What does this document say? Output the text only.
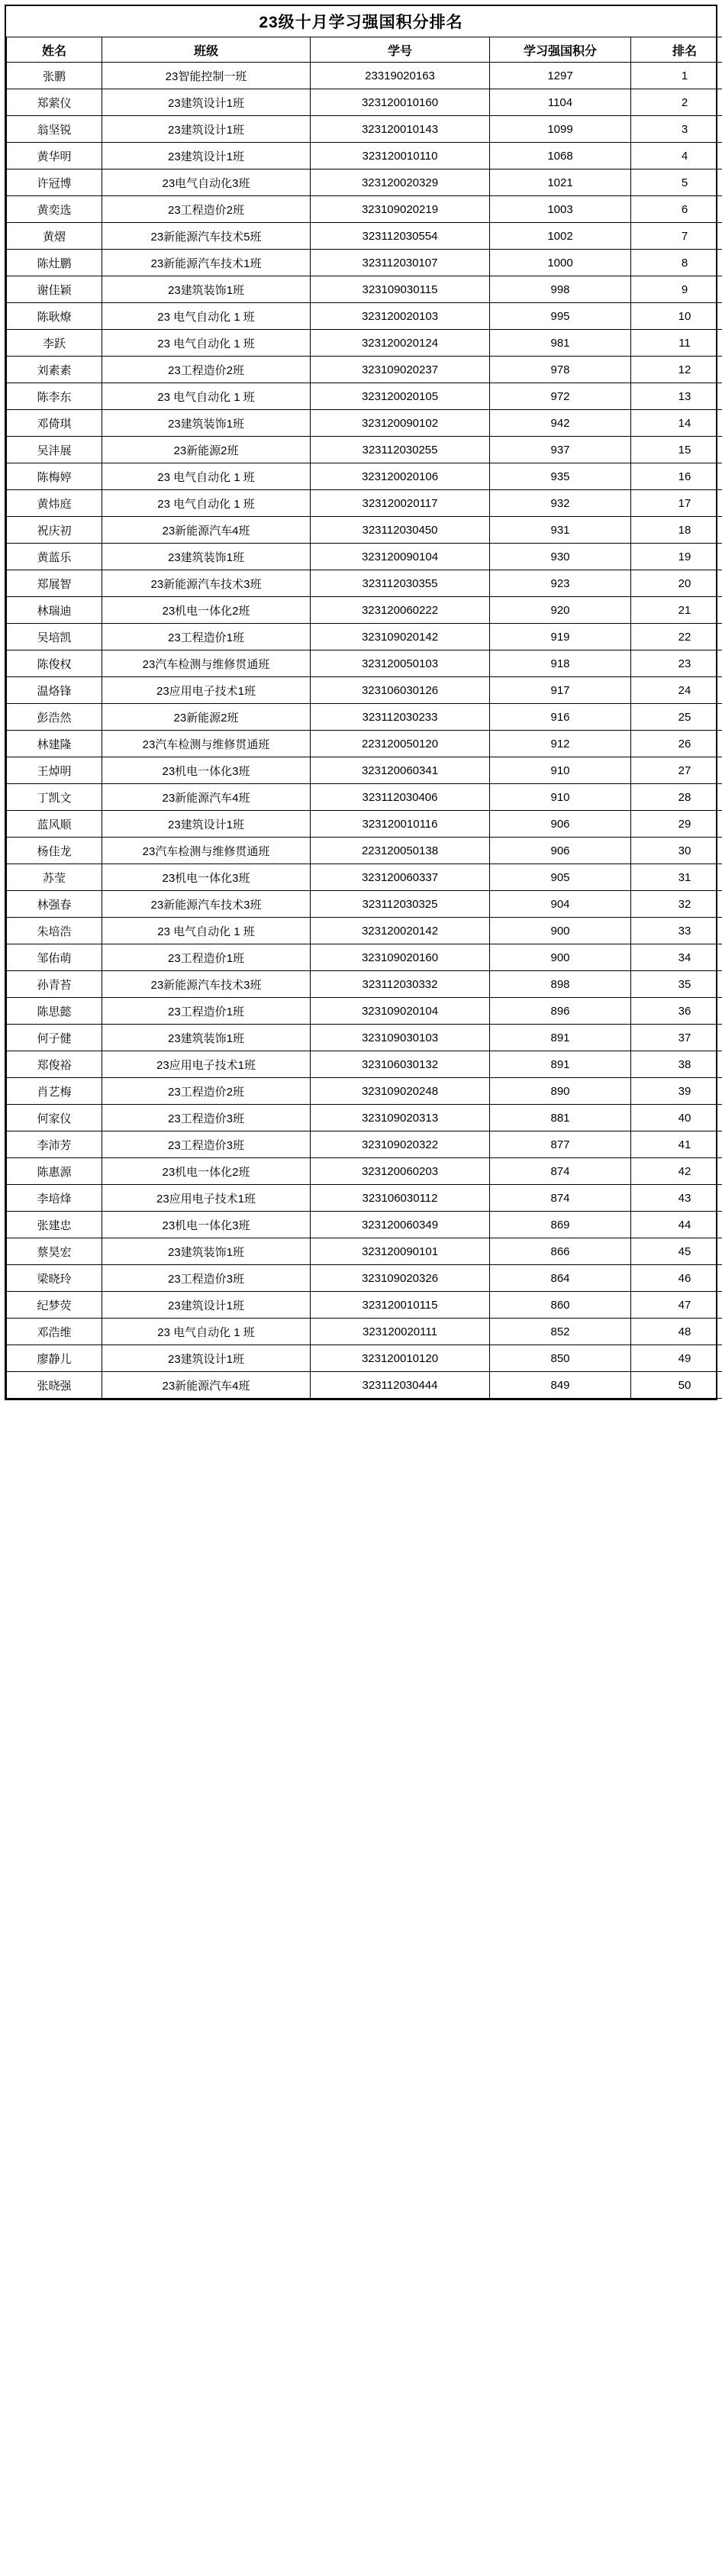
23级十月学习强国积分排名
姓名	班级	学号	学习强国积分	排名
张鹏	23智能控制一班	23319020163	1297	1
郑萦仪	23建筑设计1班	323120010160	1104	2
翁坚锐	23建筑设计1班	323120010143	1099	3
黄华明	23建筑设计1班	323120010110	1068	4
许冠博	23电气自动化3班	323120020329	1021	5
黄奕选	23工程造价2班	323109020219	1003	6
黄熠	23新能源汽车技术5班	323112030554	1002	7
陈灶鹏	23新能源汽车技术1班	323112030107	1000	8
谢佳颖	23建筑装饰1班	323109030115	998	9
陈耿燎	23 电气自动化 1 班	323120020103	995	10
李跃	23 电气自动化 1 班	323120020124	981	11
刘素素	23工程造价2班	323109020237	978	12
陈李东	23 电气自动化 1 班	323120020105	972	13
邓倚琪	23建筑装饰1班	323120090102	942	14
吴沣展	23新能源2班	323112030255	937	15
陈梅婷	23 电气自动化 1 班	323120020106	935	16
黄炜庭	23 电气自动化 1 班	323120020117	932	17
祝庆初	23新能源汽车4班	323112030450	931	18
黄蓝乐	23建筑装饰1班	323120090104	930	19
郑展智	23新能源汽车技术3班	323112030355	923	20
林瑞迪	23机电一体化2班	323120060222	920	21
吴培凯	23工程造价1班	323109020142	919	22
陈俊权	23汽车检测与维修贯通班	323120050103	918	23
温烙锋	23应用电子技术1班	323106030126	917	24
彭浩然	23新能源2班	323112030233	916	25
林建隆	23汽车检测与维修贯通班	223120050120	912	26
王焯明	23机电一体化3班	323120060341	910	27
丁凯文	23新能源汽车4班	323112030406	910	28
蓝风顺	23建筑设计1班	323120010116	906	29
杨佳龙	23汽车检测与维修贯通班	223120050138	906	30
苏莹	23机电一体化3班	323120060337	905	31
林强春	23新能源汽车技术3班	323112030325	904	32
朱培浩	23 电气自动化 1 班	323120020142	900	33
邹佑萌	23工程造价1班	323109020160	900	34
孙青苔	23新能源汽车技术3班	323112030332	898	35
陈思懿	23工程造价1班	323109020104	896	36
何子健	23建筑装饰1班	323109030103	891	37
郑俊裕	23应用电子技术1班	323106030132	891	38
肖艺梅	23工程造价2班	323109020248	890	39
何家仪	23工程造价3班	323109020313	881	40
李沛芳	23工程造价3班	323109020322	877	41
陈惠源	23机电一体化2班	323120060203	874	42
李培烽	23应用电子技术1班	323106030112	874	43
张建忠	23机电一体化3班	323120060349	869	44
蔡昊宏	23建筑装饰1班	323120090101	866	45
梁晓玲	23工程造价3班	323109020326	864	46
纪梦荧	23建筑设计1班	323120010115	860	47
邓浩维	23 电气自动化 1 班	323120020111	852	48
廖静儿	23建筑设计1班	323120010120	850	49
张晓强	23新能源汽车4班	323112030444	849	50
